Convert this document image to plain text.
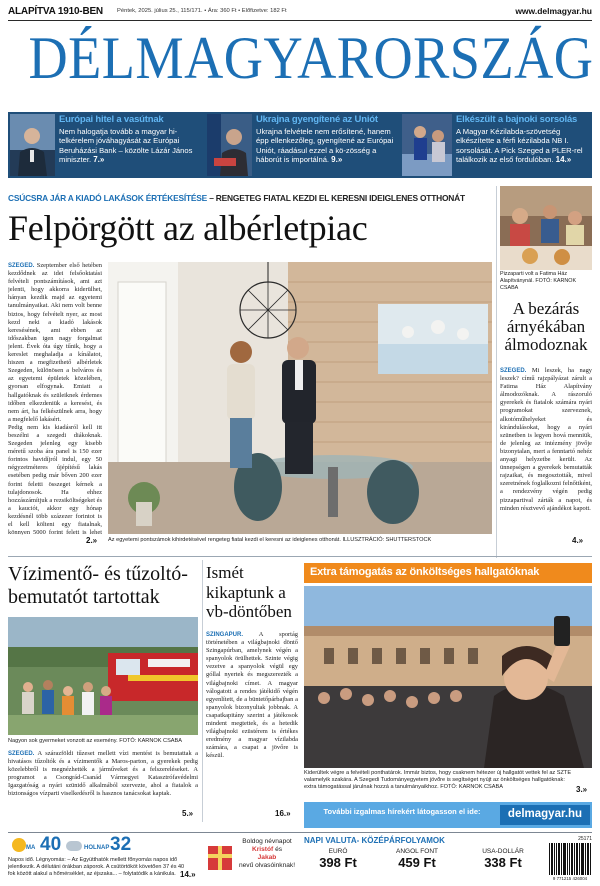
ALAPÍTVA 1910-BEN Péntek, 2025. július 25., 115/171. • Ára: 360 Ft • Előfizetve: 182 Ft	www.delmagyar.hu
DÉLMAGYARORSZÁG
Európai hitel a vasútnak
Nem halogatja tovább a magyar hi-telkérelem jóváhagyását az Európai Beruházási Bank – közölte Lázár János miniszter. 7.»
Ukrajna gyengítené az Uniót
Ukrajna felvétele nem erősítené, hanem épp ellenkezőleg, gyengítené az Európai Uniót, ráadásul ezzel a kö-zösség a háborút is importálná. 9.»
Elkészült a bajnoki sorsolás
A Magyar Kézilabda-szövetség elkészítette a férfi kézilabda NB I. sorsolását. A Pick Szeged a PLER-rel találkozik az első fordulóban. 14.»
CSÚCSRA JÁR A KIADÓ LAKÁSOK ÉRTÉKESÍTÉSE – RENGETEG FIATAL KEZDI EL KERESNI IDEIGLENES OTTHONÁT
Felpörgött az albérletpiac
SZEGED. Szeptember első hetében kezdődnek az idei felsőoktatási felvételi pontszámítások, ami azt jelenti, hogy akkorra kiderülhet, hányan kezdik majd az egyetemi tanulmányaikat. Aki nem volt benne biztos, hogy felvételt nyer, az most kezd neki a kiadó lakások keresésének, ami ebben az időszakban igen nagy forgalmat jelent. Évek óta úgy tűnik, hogy a kereslet meghaladja a kínálatot, hiszen a megfizethető albérletek Szegeden, különösen a belváros és az egyetemi épületek közelében, gyorsan elfogynak. Emiatt a hallgatóknak és szüleiknek érdemes időben elkezdeniük a keresést, és nem árt, ha felkészülnek arra, hogy a megfelelő lakásért.
Pedig nem kis kiadásról kell itt beszélni a szegedi diákoknak. Szegeden jelenleg egy kisebb méretű szoba ára panel is 150 ezer forintos havidíjról indul, egy 50 négyzetméteres újépítésű lakás esetében pedig már bőven 200 ezer forint feletti összeget kérnek a tulajdonosok. Ha ehhez hozzászámítjuk a rezsiköltségeket és a kauciót, akkor egy hónap kezdésnél több százezer forintot is el kell költeni egy fiatalnak, könnyen 5000 forint felett is lehet
2.» Az egyetemi pontszámok kihirdetésével rengeteg fiatal kezdi el keresni az ideiglenes otthonát. ILLUSZTRÁCIÓ: SHUTTERSTOCK
Pizzaparti volt a Fatima Ház Alapítványnál. FOTÓ: KARNOK CSABA
A bezárás árnyékában álmodoznak
SZEGED. Mi leszek, ha nagy leszek? című rajzpályázat zárult a Fatima Ház Alapítvány álmodozóknak. A rászoruló gyerekek és fiatalok számára nyári programokat szerveznek, alkotóműhelyeket és kirándulásokat, hogy a nyári szünetben is legyen hová menniük, de jelenleg az intézmény jövője bizonytalan, mert a fenntartó nehéz anyagi helyzetbe került. Az ünnepségen a gyerekek bemutatták rajzaikat, és megosztották, mivel szeretnének foglalkozni felnőttként, a rendezvény végén pedig pizzapartival zárták a napot, és minden résztvevő ajándékot kapott.
4.»
Vízimentő- és tűzoltó-bemutatót tartottak
Nagyon sok gyermeket vonzott az esemény. FOTÓ: KARNOK CSABA
SZEGED. A szárazföldi tűzeset mellett vízi mentést is bemutattak a hivatásos tűzoltók és a vízimentők a Maros-parton, a gyerekek pedig közelebbről is megnézhették a járműveket és a felszereléseket. A programot a Csongrád-Csanád Vármegyei Katasztrófavédelmi Igazgatóság a nyári szünidő alkalmából szervezte, ahol a fiatalok a biztonságos vízparti viselkedésről is hasznos tanácsokat kaptak.
5.»
Ismét kikaptunk a vb-döntőben
SZINGAPÚR. A sportág történetében a világbajnoki döntő Szingapúrban, amelynek végén a spanyolok örülhettek. Szinte végig vezetve a spanyolok végül egy góllal nyertek és megszerezték a világbajnoki címet. A magyar válogatott a rendes játékidő végén egyenlített, de a büntetőpárbajban a spanyolok bizonyultak jobbnak. A csapatkapitány szerint a játékosok mindent megtettek, és a hetedik világbajnoki ezüstérem is értékes eredmény a magyar vízilabda számára, a csapat a jövőre is készül.
16.»
Extra támogatás az önköltséges hallgatóknak
Kiderültek végre a felvételi ponthatárok. Immár biztos, hogy csaknem hétezer új hallgatót vettek fel az SZTE valamelyik szakára. A Szegedi Tudományegyetem jövőre is segítséget nyújt az önköltséges hallgatóknak: extra támogatással járulnak hozzá a tanulmányaikhoz. FOTÓ: KARNOK CSABA	3.»
További izgalmas hírekért látogasson el ide:	delmagyar.hu
MA 40	HOLNAP 32
Napos idő. Légnyomás: – Az Együtthatók mellett főnyomás napos idő jelentkezik. A délutáni órákban záporok. A csütörtököt követően 37 és 40 fok között alakul a hőmérséklet, az éjszaka... – folytatódik a kánikula. 14.»
Boldog névnapot
Kristóf és
Jakab
nevű olvasóinknak!
NAPI VALUTA- KÖZÉPÁRFOLYAMOK
EURÓ
398 Ft
ANGOL FONT
459 Ft
USA-DOLLÁR
338 Ft
25171
9 771215 426004
